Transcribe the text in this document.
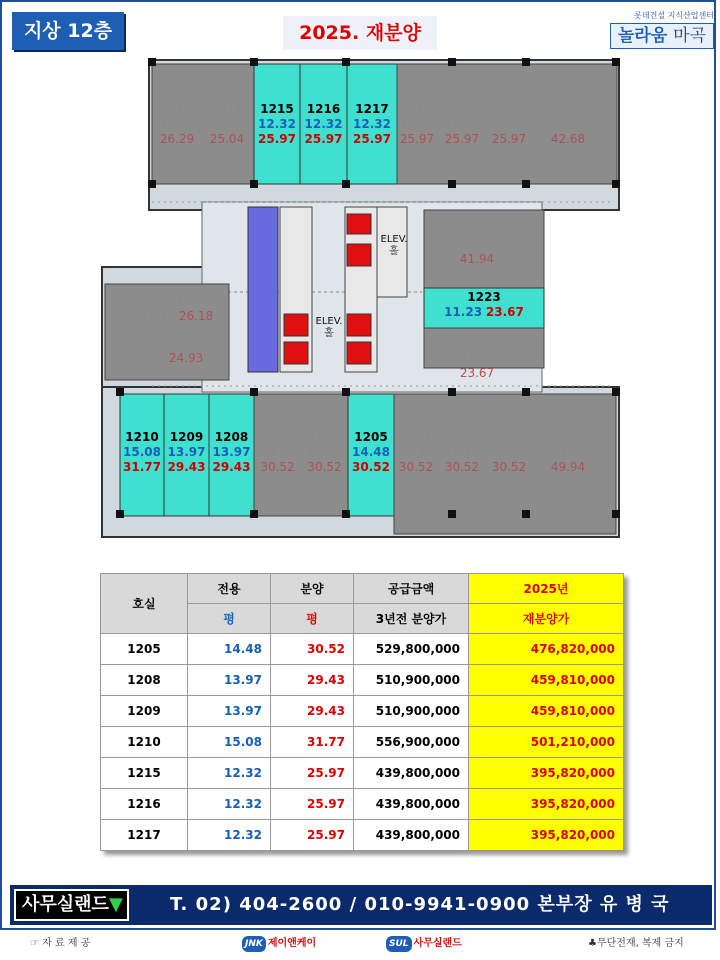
지상 12층	2025. 재분양
롯데건설 지식산업센터
놀라움 마곡
ELEV.
홀
ELEV.
홀
1213
12.48
26.29
1214
11.88
25.04
1215
12.32
25.97
1216
12.32
25.97
1217
12.32
25.97
1218
12.32
25.97
1219
12.32
25.97
1220
12.32
25.97
1221
20.25
42.68
1222
19.90
41.94
1223
11.23 23.67
1224
11.23 23.67
1212
12.42 26.18
1211
11.83 24.93
1210
15.08
31.77
1209
13.97
29.43
1208
13.97
29.43
1207
14.48
30.52
1206
14.48
30.52
1205
14.48
30.52
1204
14.48
30.52
1203
14.48
30.52
1202
14.48
30.52
1201
23.70
49.94
호실	전용	분양	공급금액	2025년
	평	평	3년전 분양가	재분양가
1205	14.48	30.52	529,800,000	476,820,000
1208	13.97	29.43	510,900,000	459,810,000
1209	13.97	29.43	510,900,000	459,810,000
1210	15.08	31.77	556,900,000	501,210,000
1215	12.32	25.97	439,800,000	395,820,000
1216	12.32	25.97	439,800,000	395,820,000
1217	12.32	25.97	439,800,000	395,820,000
사무실랜드▼	T. 02) 404-2600 / 010-9941-0900 본부장 유 병 국
☞ 자 료 제 공	JNK 제이앤케이	SUL 사무실랜드	♣무단전재, 복제 금지
